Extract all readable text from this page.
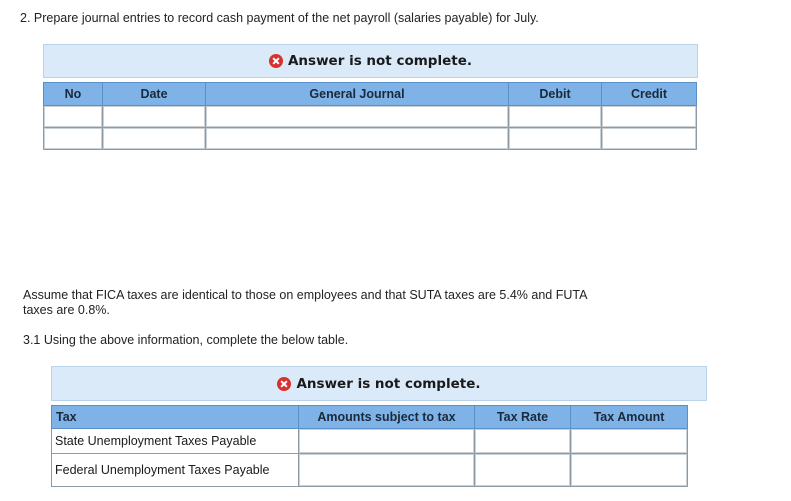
2. Prepare journal entries to record cash payment of the net payroll (salaries payable) for July.
Answer is not complete.
No	Date	General Journal	Debit	Credit

Assume that FICA taxes are identical to those on employees and that SUTA taxes are 5.4% and FUTA
taxes are 0.8%.
3.1 Using the above information, complete the below table.
Answer is not complete.
Tax	Amounts subject to tax	Tax Rate	Tax Amount
State Unemployment Taxes Payable	

Federal Unemployment Taxes Payable	
